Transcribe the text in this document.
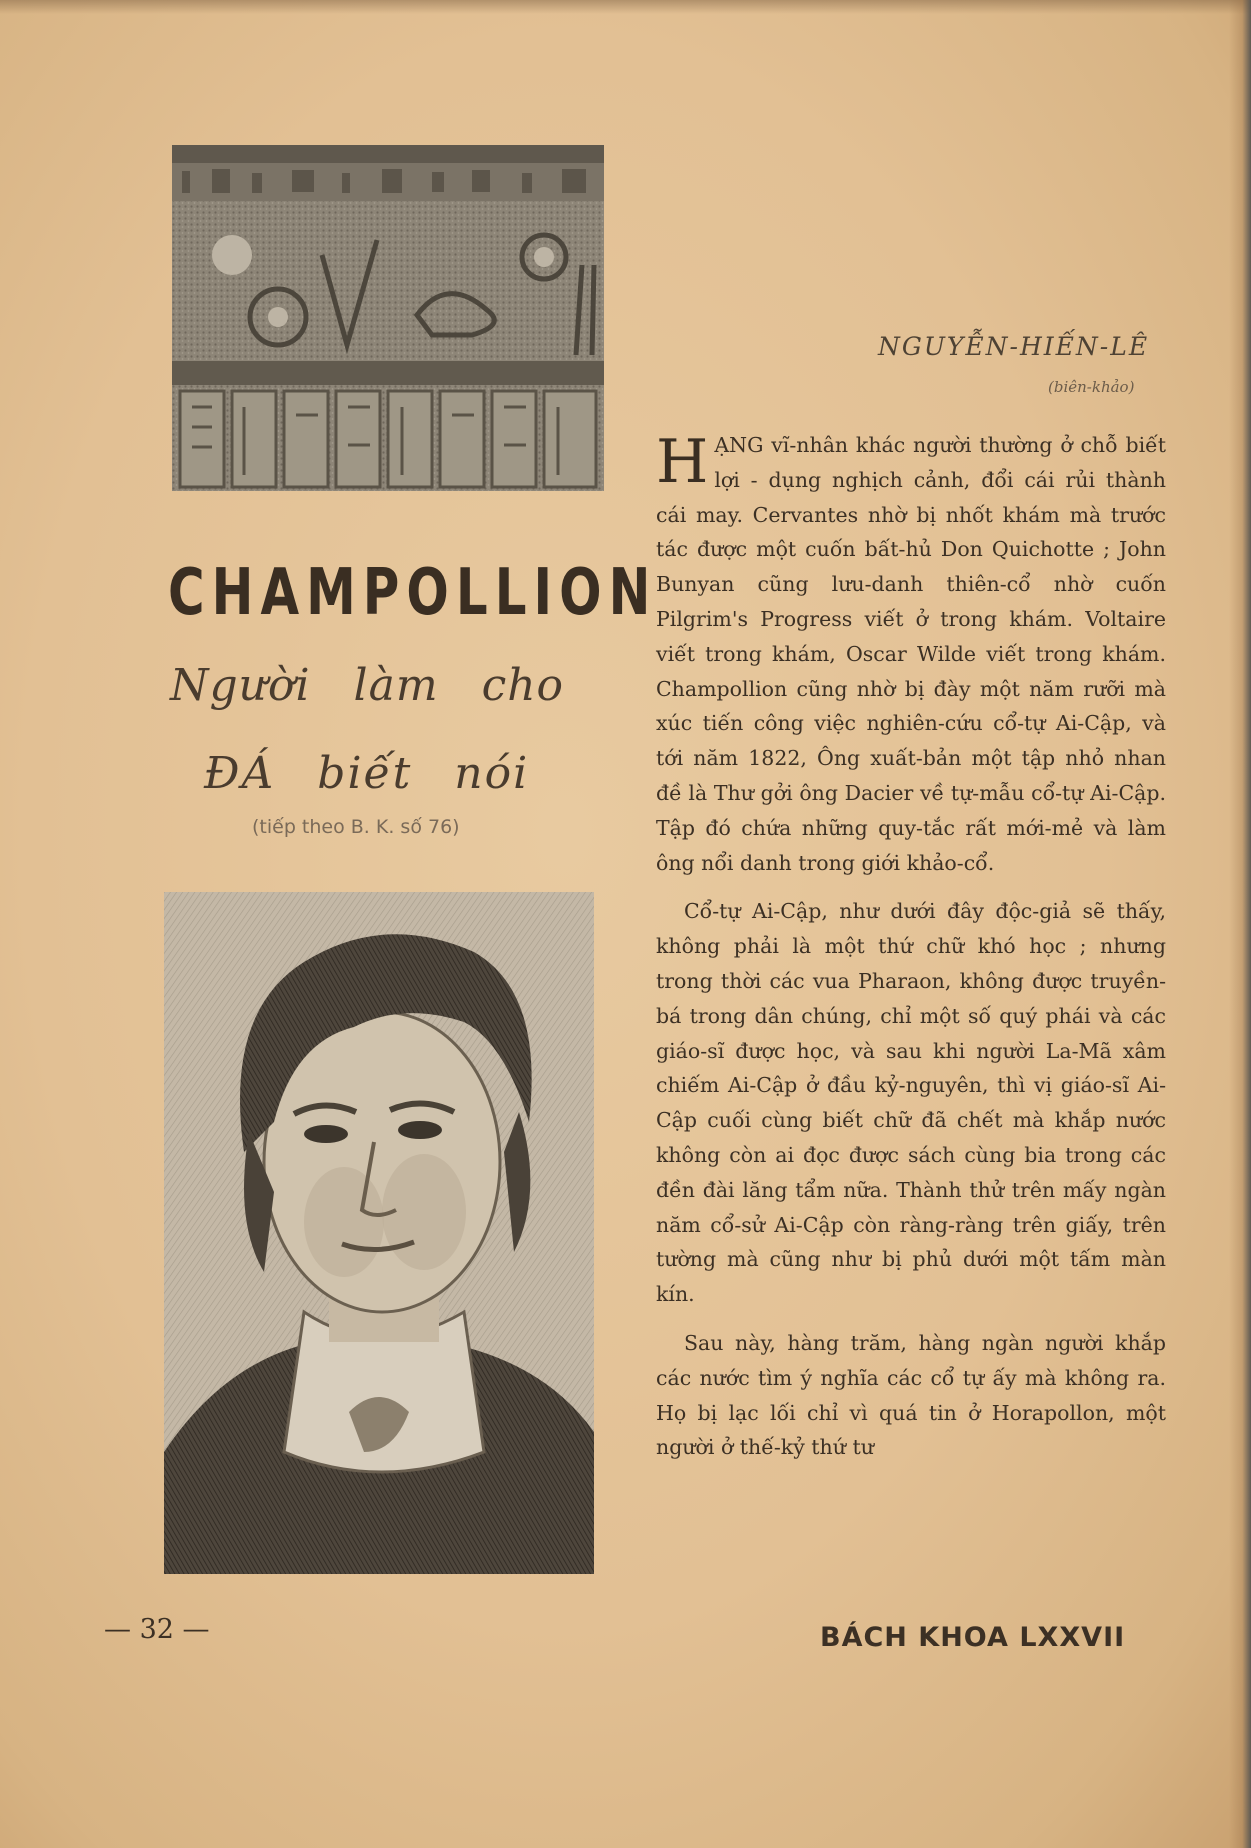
CHAMPOLLION
Người làm cho
ĐÁ biết nói
(tiếp theo B. K. số 76)
NGUYỄN-HIẾN-LÊ
(biên-khảo)

HẠNG vĩ-nhân khác người thường ở chỗ biết lợi - dụng nghịch cảnh, đổi cái rủi thành cái may. Cervantes nhờ bị nhốt khám mà trước tác được một cuốn bất-hủ Don Quichotte ; John Bunyan cũng lưu-danh thiên-cổ nhờ cuốn Pilgrim's Progress viết ở trong khám. Voltaire viết trong khám, Oscar Wilde viết trong khám. Champollion cũng nhờ bị đày một năm rưỡi mà xúc tiến công việc nghiên-cứu cổ-tự Ai-Cập, và tới năm 1822, Ông xuất-bản một tập nhỏ nhan đề là Thư gởi ông Dacier về tự-mẫu cổ-tự Ai-Cập. Tập đó chứa những quy-tắc rất mới-mẻ và làm ông nổi danh trong giới khảo-cổ.

Cổ-tự Ai-Cập, như dưới đây độc-giả sẽ thấy, không phải là một thứ chữ khó học ; nhưng trong thời các vua Pharaon, không được truyền-bá trong dân chúng, chỉ một số quý phái và các giáo-sĩ được học, và sau khi người La-Mã xâm chiếm Ai-Cập ở đầu kỷ-nguyên, thì vị giáo-sĩ Ai-Cập cuối cùng biết chữ đã chết mà khắp nước không còn ai đọc được sách cùng bia trong các đền đài lăng tẩm nữa. Thành thử trên mấy ngàn năm cổ-sử Ai-Cập còn ràng-ràng trên giấy, trên tường mà cũng như bị phủ dưới một tấm màn kín.

Sau này, hàng trăm, hàng ngàn người khắp các nước tìm ý nghĩa các cổ tự ấy mà không ra. Họ bị lạc lối chỉ vì quá tin ở Horapollon, một người ở thế-kỷ thứ tư

— 32 —	BÁCH KHOA LXXVII
